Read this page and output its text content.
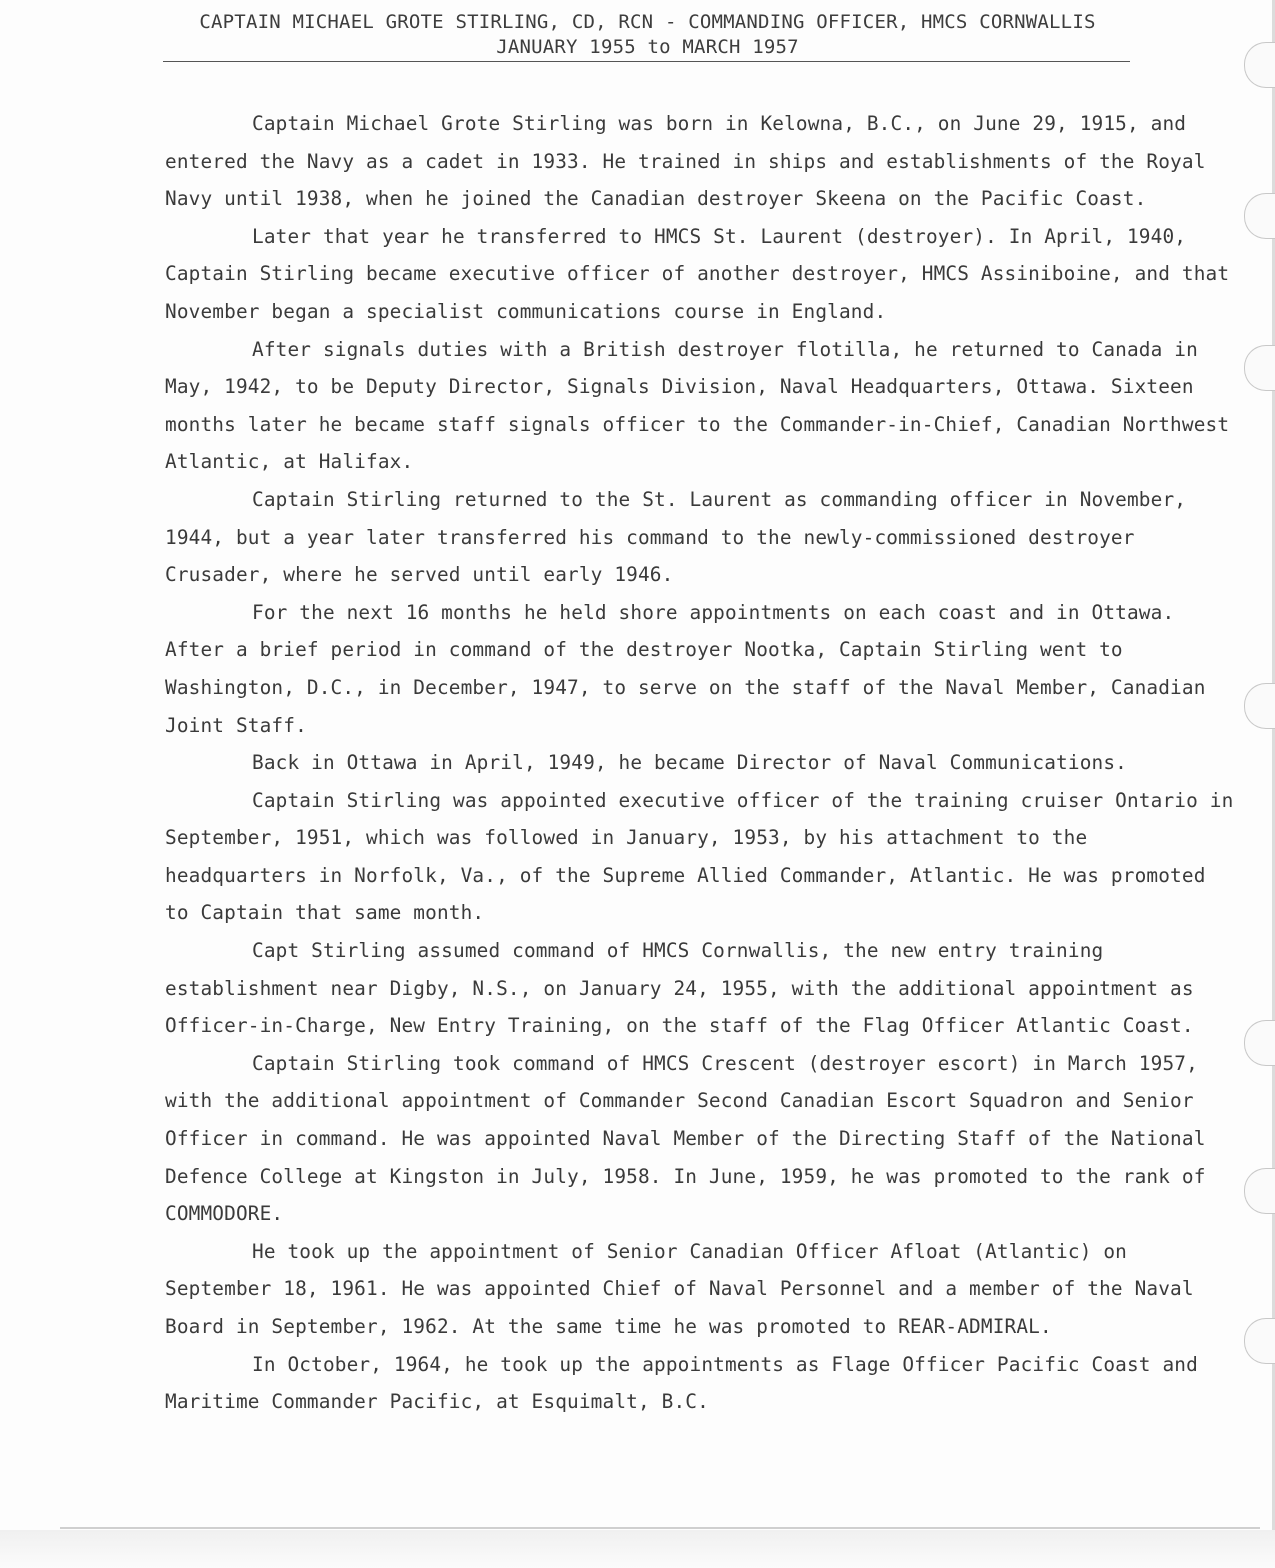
CAPTAIN MICHAEL GROTE STIRLING, CD, RCN - COMMANDING OFFICER, HMCS CORNWALLIS
JANUARY 1955 to MARCH 1957

Captain Michael Grote Stirling was born in Kelowna, B.C., on June 29, 1915, and entered the Navy as a cadet in 1933. He trained in ships and establishments of the Royal Navy until 1938, when he joined the Canadian destroyer Skeena on the Pacific Coast.

Later that year he transferred to HMCS St. Laurent (destroyer). In April, 1940, Captain Stirling became executive officer of another destroyer, HMCS Assiniboine, and that November began a specialist communications course in England.

After signals duties with a British destroyer flotilla, he returned to Canada in May, 1942, to be Deputy Director, Signals Division, Naval Headquarters, Ottawa. Sixteen months later he became staff signals officer to the Commander-in-Chief, Canadian Northwest Atlantic, at Halifax.

Captain Stirling returned to the St. Laurent as commanding officer in November, 1944, but a year later transferred his command to the newly-commissioned destroyer Crusader, where he served until early 1946.

For the next 16 months he held shore appointments on each coast and in Ottawa. After a brief period in command of the destroyer Nootka, Captain Stirling went to Washington, D.C., in December, 1947, to serve on the staff of the Naval Member, Canadian Joint Staff.

Back in Ottawa in April, 1949, he became Director of Naval Communications.

Captain Stirling was appointed executive officer of the training cruiser Ontario in September, 1951, which was followed in January, 1953, by his attachment to the headquarters in Norfolk, Va., of the Supreme Allied Commander, Atlantic. He was promoted to Captain that same month.

Capt Stirling assumed command of HMCS Cornwallis, the new entry training establishment near Digby, N.S., on January 24, 1955, with the additional appointment as Officer-in-Charge, New Entry Training, on the staff of the Flag Officer Atlantic Coast.

Captain Stirling took command of HMCS Crescent (destroyer escort) in March 1957, with the additional appointment of Commander Second Canadian Escort Squadron and Senior Officer in command. He was appointed Naval Member of the Directing Staff of the National Defence College at Kingston in July, 1958. In June, 1959, he was promoted to the rank of COMMODORE.

He took up the appointment of Senior Canadian Officer Afloat (Atlantic) on September 18, 1961. He was appointed Chief of Naval Personnel and a member of the Naval Board in September, 1962. At the same time he was promoted to REAR-ADMIRAL.

In October, 1964, he took up the appointments as Flage Officer Pacific Coast and Maritime Commander Pacific, at Esquimalt, B.C.
